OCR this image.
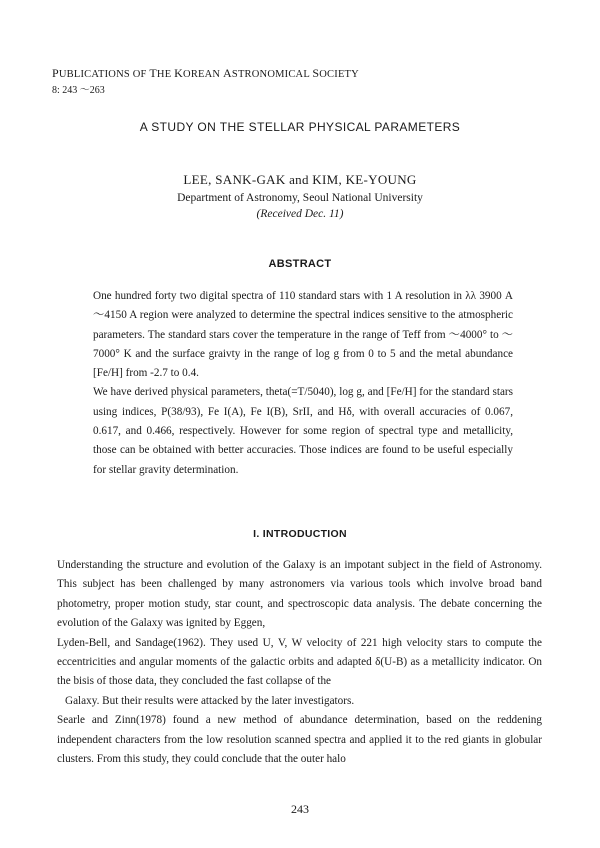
PUBLICATIONS OF THE KOREAN ASTRONOMICAL SOCIETY
8: 243 ～263
A STUDY ON THE STELLAR PHYSICAL PARAMETERS
LEE, SANK-GAK and KIM, KE-YOUNG
Department of Astronomy, Seoul National University
(Received Dec. 11)
ABSTRACT

One hundred forty two digital spectra of 110 standard stars with 1 A resolution in λλ 3900 A ～4150 A region were analyzed to determine the spectral indices sensitive to the atmospheric parameters. The standard stars cover the temperature in the range of Teff from ～4000° to ～7000° K and the surface graivty in the range of log g from 0 to 5 and the metal abundance [Fe/H] from -2.7 to 0.4.

We have derived physical parameters, theta(=T/5040), log g, and [Fe/H] for the standard stars using indices, P(38/93), Fe I(A), Fe I(B), SrII, and Hδ, with overall accuracies of 0.067, 0.617, and 0.466, respectively. However for some region of spectral type and metallicity, those can be obtained with better accuracies. Those indices are found to be useful especially for stellar gravity determination.

I. INTRODUCTION

Understanding the structure and evolution of the Galaxy is an impotant subject in the field of Astronomy. This subject has been challenged by many astronomers via various tools which involve broad band photometry, proper motion study, star count, and spectroscopic data analysis. The debate concerning the evolution of the Galaxy was ignited by Eggen,

Lyden-Bell, and Sandage(1962). They used U, V, W velocity of 221 high velocity stars to compute the eccentricities and angular moments of the galactic orbits and adapted δ(U-B) as a metallicity indicator. On the bisis of those data, they concluded the fast collapse of the

Galaxy. But their results were attacked by the later investigators.

Searle and Zinn(1978) found a new method of abundance determination, based on the reddening independent characters from the low resolution scanned spectra and applied it to the red giants in globular clusters. From this study, they could conclude that the outer halo

243
